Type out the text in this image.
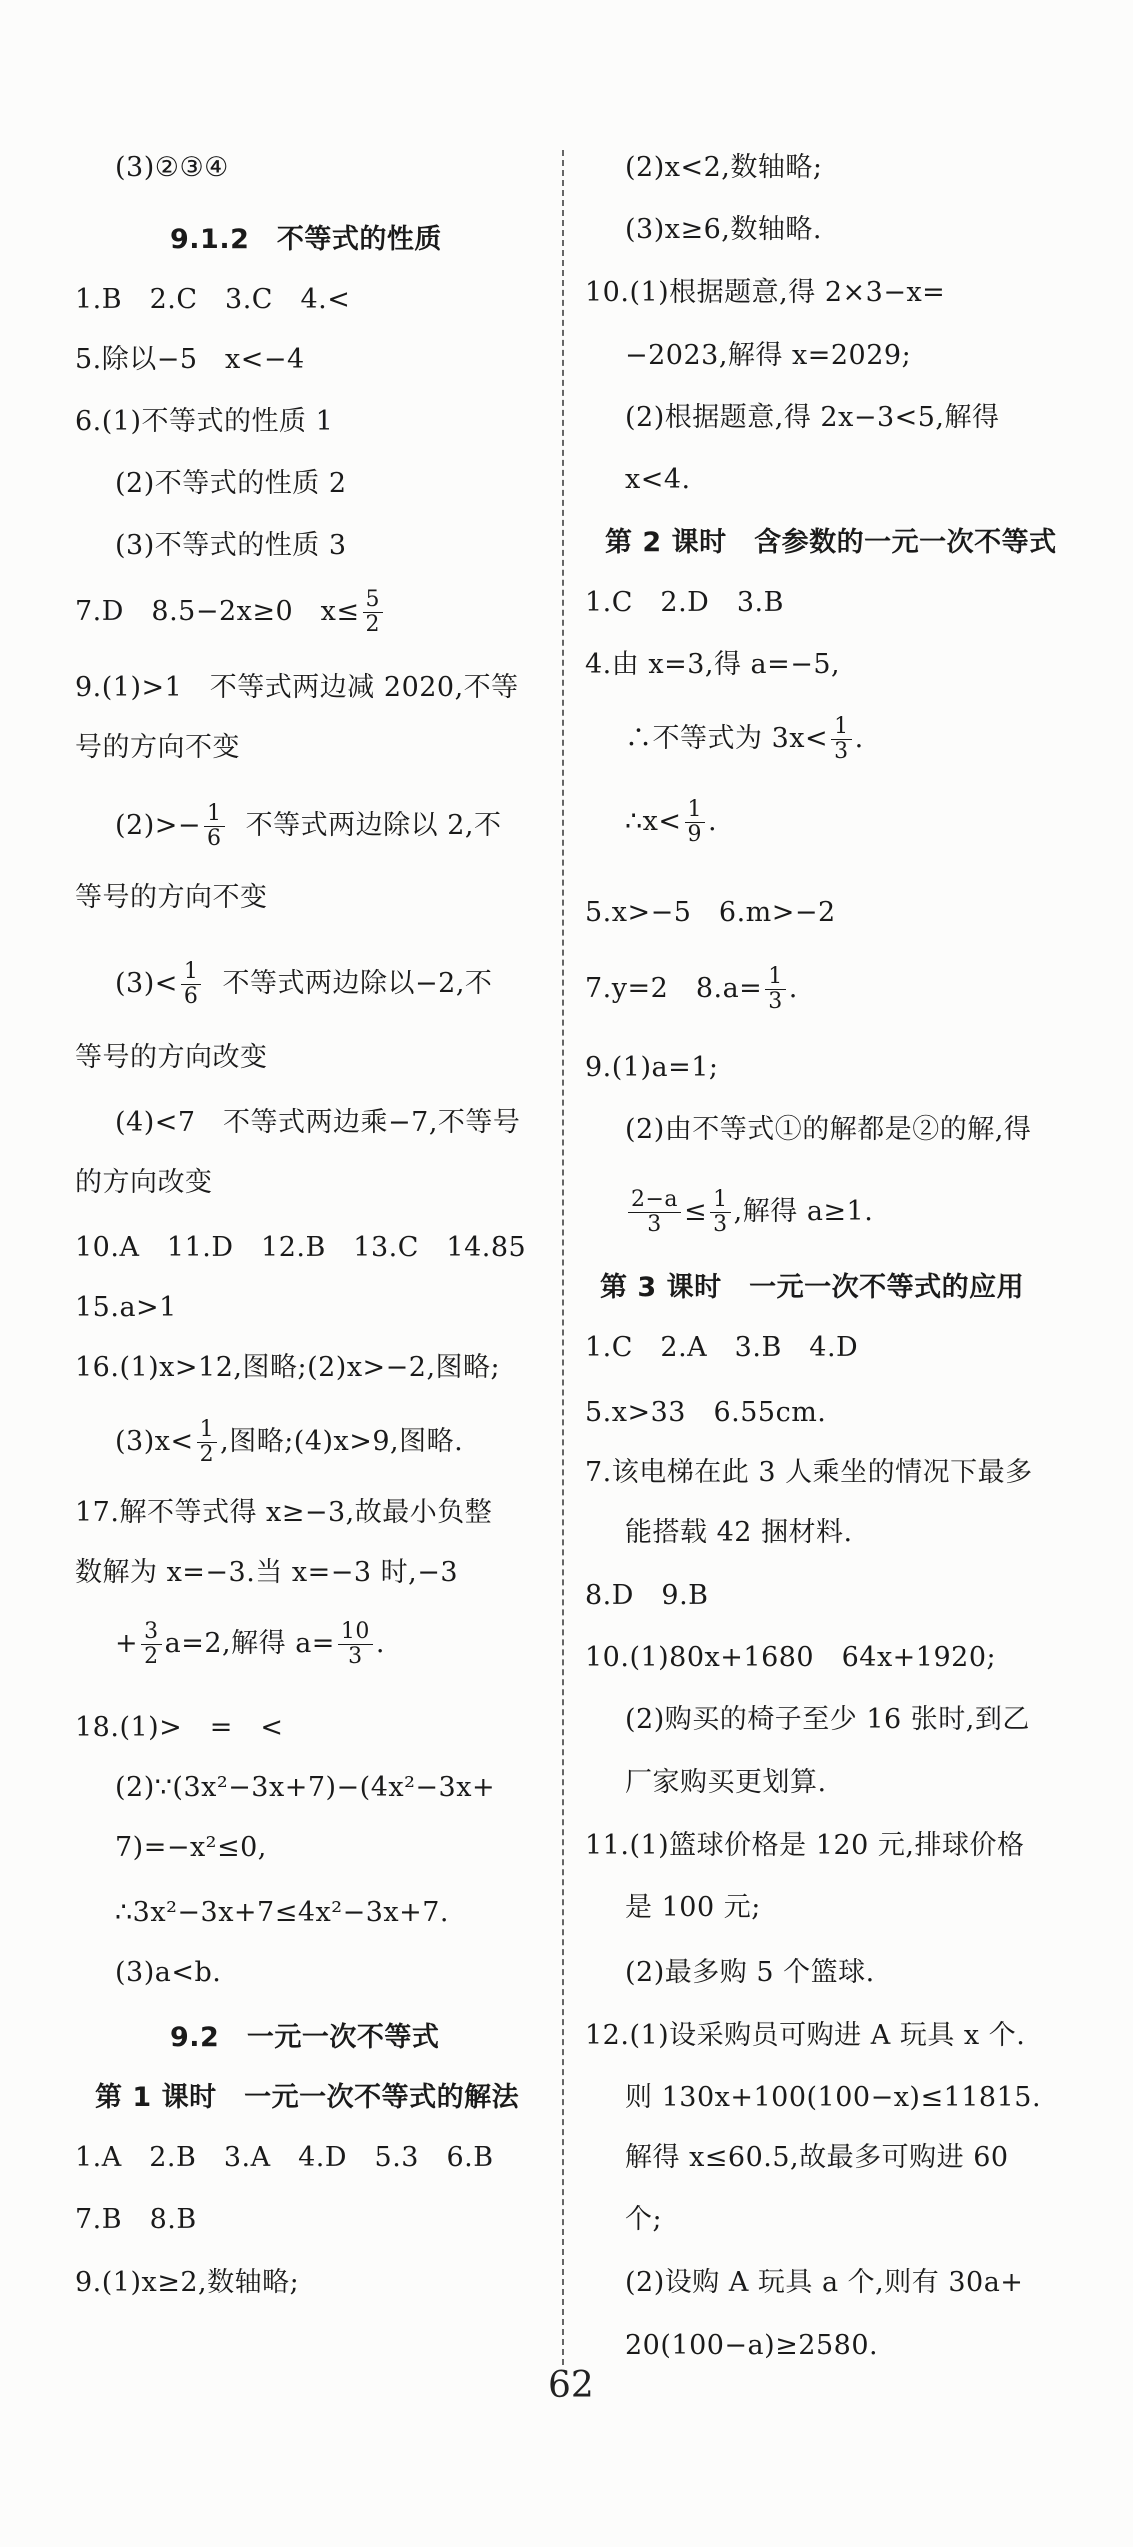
(3)②③④
9.1.2　不等式的性质
1.B　2.C　3.C　4.<
5.除以−5　x<−4
6.(1)不等式的性质 1
(2)不等式的性质 2
(3)不等式的性质 3
7.D　8.5−2x≥0　$x\le \frac{5}{2}$
9.(1)>1　不等式两边减 2020,不等
号的方向不变
$(2)>- \frac{1}{6}$ 不等式两边除以 2,不
等号的方向不变
$(3)< \frac{1}{6}$ 不等式两边除以−2,不
等号的方向改变
(4)<7　不等式两边乘−7,不等号
的方向改变
10.A　11.D　12.B　13.C　14.85
15.a>1
16.(1)x>12,图略;(2)x>−2,图略;
$(3)x< \frac{1}{2}$ ,图略;(4)x>9,图略.
17.解不等式得 x≥−3,故最小负整
数解为 x=−3.当 x=−3 时,−3
+ $\frac{3}{2} a=2$,解得 $a= \frac{10}{3}$ .
18.(1)>　=　<
(2)∵(3x²−3x+7)−(4x²−3x+
7)=−x²≤0,
∴3x²−3x+7≤4x²−3x+7.
(3)a<b.
9.2　一元一次不等式
第 1 课时　一元一次不等式的解法
1.A　2.B　3.A　4.D　5.3　6.B
7.B　8.B
9.(1)x≥2,数轴略;
(2)x<2,数轴略;
(3)x≥6,数轴略.
10.(1)根据题意,得 2×3−x=
−2023,解得 x=2029;
(2)根据题意,得 2x−3<5,解得
x<4.
第 2 课时　含参数的一元一次不等式
1.C　2.D　3.B
4.由 x=3,得 a=−5,
∴不等式为 $3x< \frac{1}{3}$ .
∴x< $\frac{1}{9}$ .
5.x>−5　6.m>−2
7.y=2　$8.a= \frac{1}{3}$ .
9.(1)a=1;
(2)由不等式①的解都是②的解,得
$\frac{2-a}{3} \le \frac{1}{3}$ ,解得 a≥1.
第 3 课时　一元一次不等式的应用
1.C　2.A　3.B　4.D
5.x>33　6.55cm.
7.该电梯在此 3 人乘坐的情况下最多
能搭载 42 捆材料.
8.D　9.B
10.(1)80x+1680　64x+1920;
(2)购买的椅子至少 16 张时,到乙
厂家购买更划算.
11.(1)篮球价格是 120 元,排球价格
是 100 元;
(2)最多购 5 个篮球.
12.(1)设采购员可购进 A 玩具 x 个.
则 130x+100(100−x)≤11815.
解得 x≤60.5,故最多可购进 60
个;
(2)设购 A 玩具 a 个,则有 30a+
20(100−a)≥2580.
62
